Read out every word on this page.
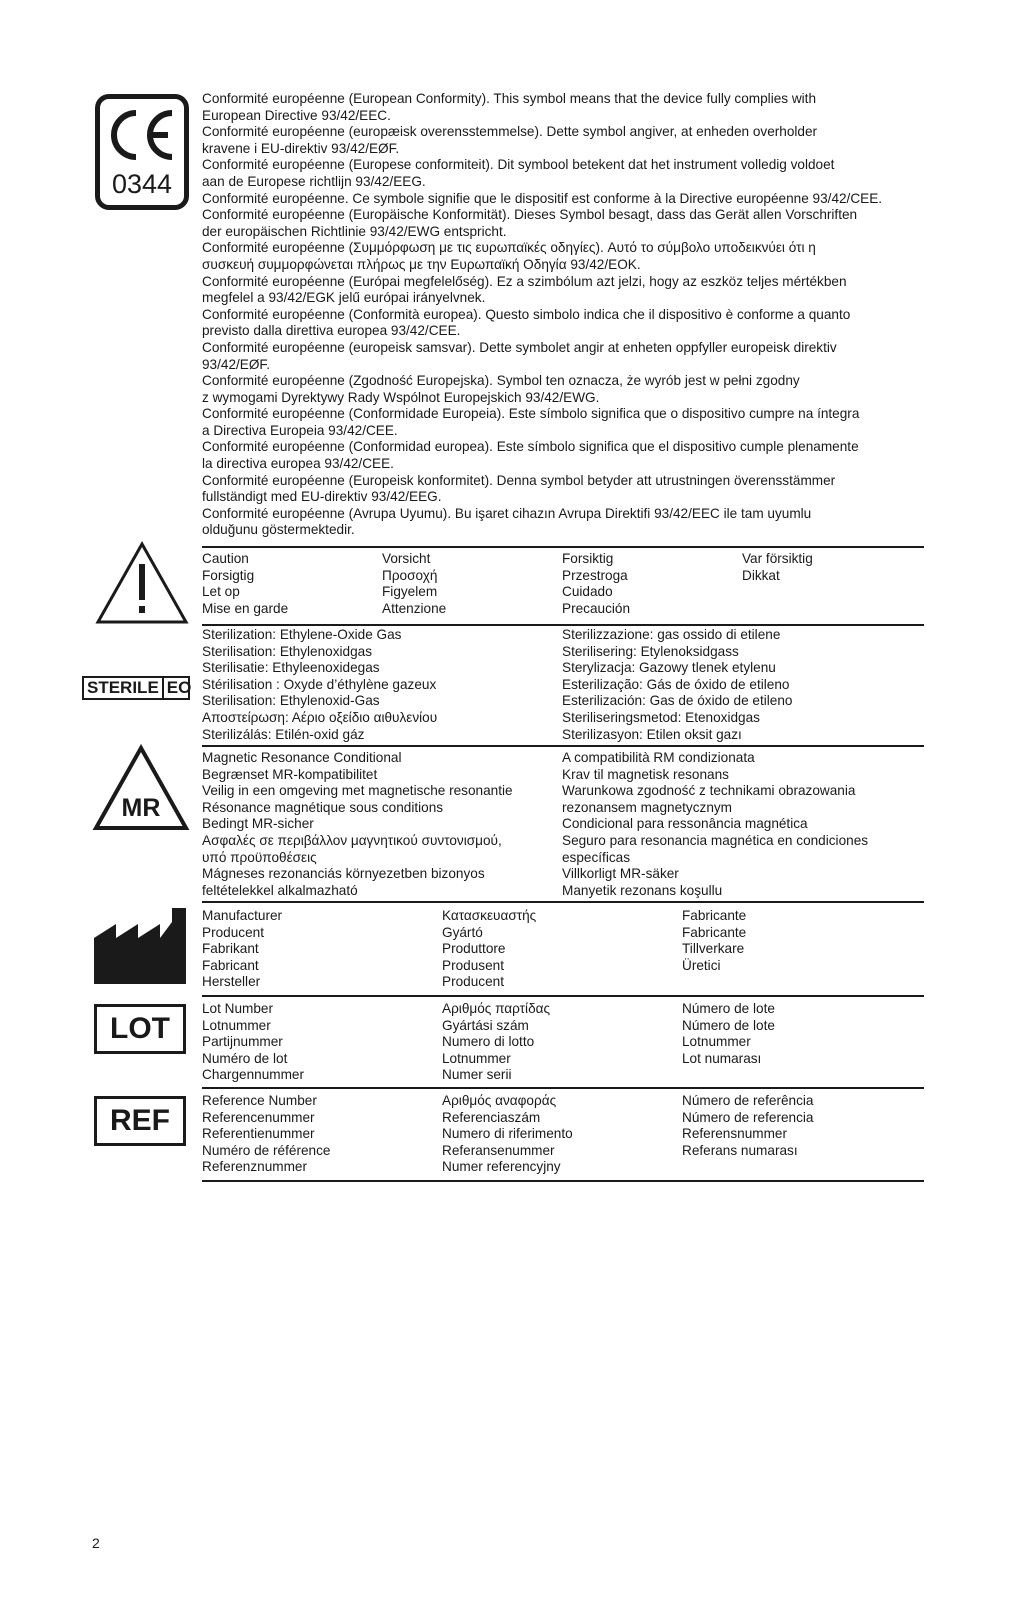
0344
Conformité européenne (European Conformity). This symbol means that the device fully complies with
European Directive 93/42/EEC.
Conformité européenne (europæisk overensstemmelse). Dette symbol angiver, at enheden overholder
kravene i EU-direktiv 93/42/EØF.
Conformité européenne (Europese conformiteit). Dit symbool betekent dat het instrument volledig voldoet
aan de Europese richtlijn 93/42/EEG.
Conformité européenne. Ce symbole signifie que le dispositif est conforme à la Directive européenne 93/42/CEE.
Conformité européenne (Europäische Konformität). Dieses Symbol besagt, dass das Gerät allen Vorschriften
der europäischen Richtlinie 93/42/EWG entspricht.
Conformité européenne (Συμμόρφωση με τις ευρωπαϊκές οδηγίες). Αυτό το σύμβολο υποδεικνύει ότι η
συσκευή συμμορφώνεται πλήρως με την Ευρωπαϊκή Οδηγία 93/42/ΕΟΚ.
Conformité européenne (Európai megfelelőség). Ez a szimbólum azt jelzi, hogy az eszköz teljes mértékben
megfelel a 93/42/EGK jelű európai irányelvnek.
Conformité européenne (Conformità europea). Questo simbolo indica che il dispositivo è conforme a quanto
previsto dalla direttiva europea 93/42/CEE.
Conformité européenne (europeisk samsvar). Dette symbolet angir at enheten oppfyller europeisk direktiv
93/42/EØF.
Conformité européenne (Zgodność Europejska). Symbol ten oznacza, że wyrób jest w pełni zgodny
z wymogami Dyrektywy Rady Wspólnot Europejskich 93/42/EWG.
Conformité européenne (Conformidade Europeia). Este símbolo significa que o dispositivo cumpre na íntegra
a Directiva Europeia 93/42/CEE.
Conformité européenne (Conformidad europea). Este símbolo significa que el dispositivo cumple plenamente
la directiva europea 93/42/CEE.
Conformité européenne (Europeisk konformitet). Denna symbol betyder att utrustningen överensstämmer
fullständigt med EU-direktiv 93/42/EEG.
Conformité européenne (Avrupa Uyumu). Bu işaret cihazın Avrupa Direktifi 93/42/EEC ile tam uyumlu
olduğunu göstermektedir.
Caution
Forsigtig
Let op
Mise en garde
Vorsicht
Προσοχή
Figyelem
Attenzione
Forsiktig
Przestroga
Cuidado
Precaución
Var försiktig
Dikkat
STERILE EO
Sterilization: Ethylene-Oxide Gas
Sterilisation: Ethylenoxidgas
Sterilisatie: Ethyleenoxidegas
Stérilisation : Oxyde d’éthylène gazeux
Sterilisation: Ethylenoxid-Gas
Αποστείρωση: Αέριο οξείδιο αιθυλενίου
Sterilizálás: Etilén-oxid gáz
Sterilizzazione: gas ossido di etilene
Sterilisering: Etylenoksidgass
Sterylizacja: Gazowy tlenek etylenu
Esterilização: Gás de óxido de etileno
Esterilización: Gas de óxido de etileno
Steriliseringsmetod: Etenoxidgas
Sterilizasyon: Etilen oksit gazı
MR
Magnetic Resonance Conditional
Begrænset MR-kompatibilitet
Veilig in een omgeving met magnetische resonantie
Résonance magnétique sous conditions
Bedingt MR-sicher
Ασφαλές σε περιβάλλον μαγνητικού συντονισμού,
υπό προϋποθέσεις
Mágneses rezonanciás környezetben bizonyos
feltételekkel alkalmazható
A compatibilità RM condizionata
Krav til magnetisk resonans
Warunkowa zgodność z technikami obrazowania
rezonansem magnetycznym
Condicional para ressonância magnética
Seguro para resonancia magnética en condiciones
específicas
Villkorligt MR-säker
Manyetik rezonans koşullu
Manufacturer
Producent
Fabrikant
Fabricant
Hersteller
Κατασκευαστής
Gyártó
Produttore
Produsent
Producent
Fabricante
Fabricante
Tillverkare
Üretici
LOT
Lot Number
Lotnummer
Partijnummer
Numéro de lot
Chargennummer
Αριθμός παρτίδας
Gyártási szám
Numero di lotto
Lotnummer
Numer serii
Número de lote
Número de lote
Lotnummer
Lot numarası
REF
Reference Number
Referencenummer
Referentienummer
Numéro de référence
Referenznummer
Αριθμός αναφοράς
Referenciaszám
Numero di riferimento
Referansenummer
Numer referencyjny
Número de referência
Número de referencia
Referensnummer
Referans numarası
2
